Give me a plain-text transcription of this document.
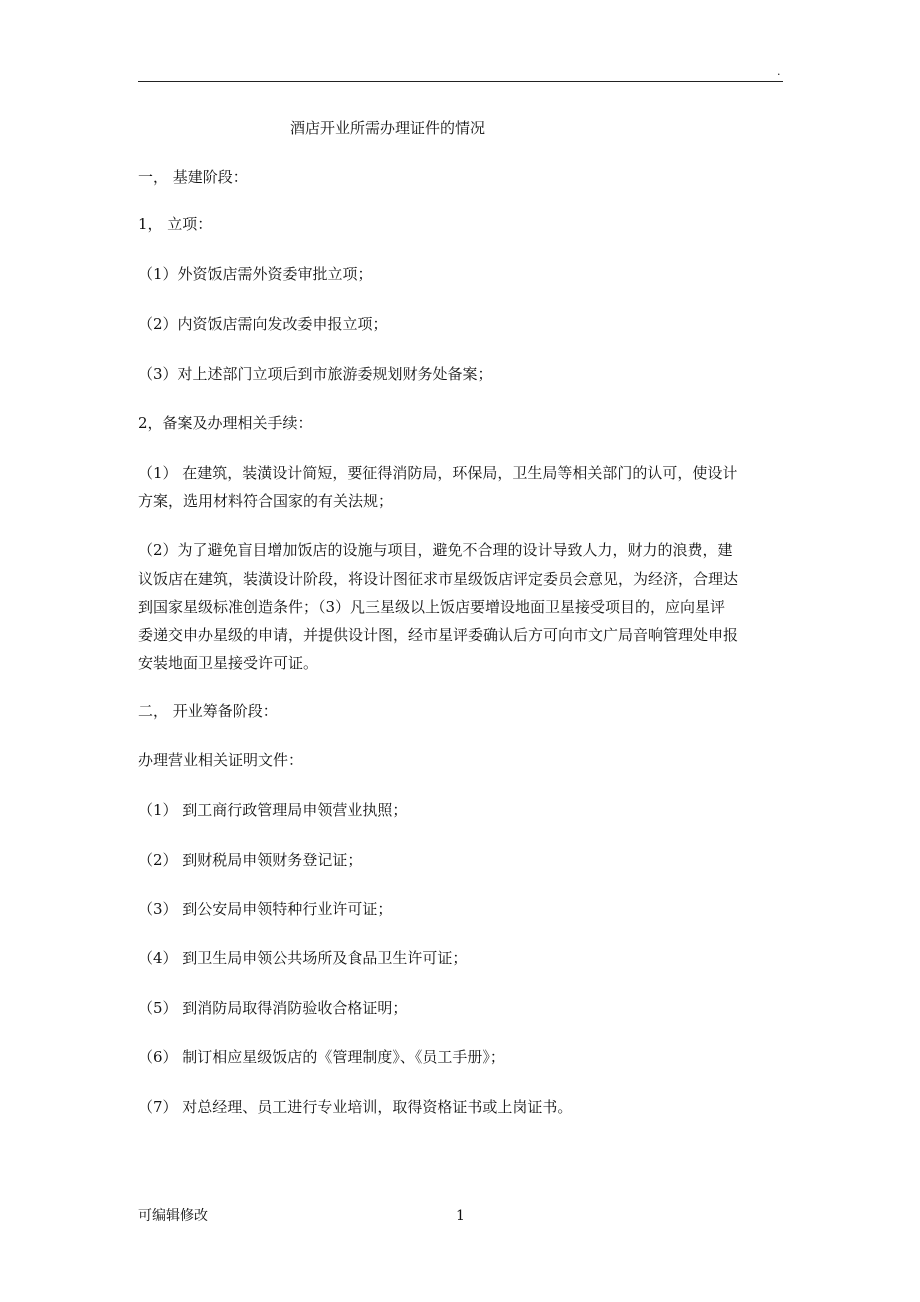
.
酒店开业所需办理证件的情况
一， 基建阶段：
1， 立项：
（1）外资饭店需外资委审批立项；
（2）内资饭店需向发改委申报立项；
（3）对上述部门立项后到市旅游委规划财务处备案；
2，备案及办理相关手续：
（1） 在建筑，装潢设计简短，要征得消防局，环保局，卫生局等相关部门的认可，使设计
方案，选用材料符合国家的有关法规；
（2）为了避免盲目增加饭店的设施与项目，避免不合理的设计导致人力，财力的浪费，建
议饭店在建筑，装潢设计阶段，将设计图征求市星级饭店评定委员会意见，为经济，合理达
到国家星级标准创造条件；（3）凡三星级以上饭店要增设地面卫星接受项目的，应向星评
委递交申办星级的申请，并提供设计图，经市星评委确认后方可向市文广局音响管理处申报
安装地面卫星接受许可证。
二， 开业筹备阶段：
办理营业相关证明文件：
（1） 到工商行政管理局申领营业执照；
（2） 到财税局申领财务登记证；
（3） 到公安局申领特种行业许可证；
（4） 到卫生局申领公共场所及食品卫生许可证；
（5） 到消防局取得消防验收合格证明；
（6） 制订相应星级饭店的《管理制度》、《员工手册》；
（7） 对总经理、员工进行专业培训，取得资格证书或上岗证书。
可编辑修改	1
